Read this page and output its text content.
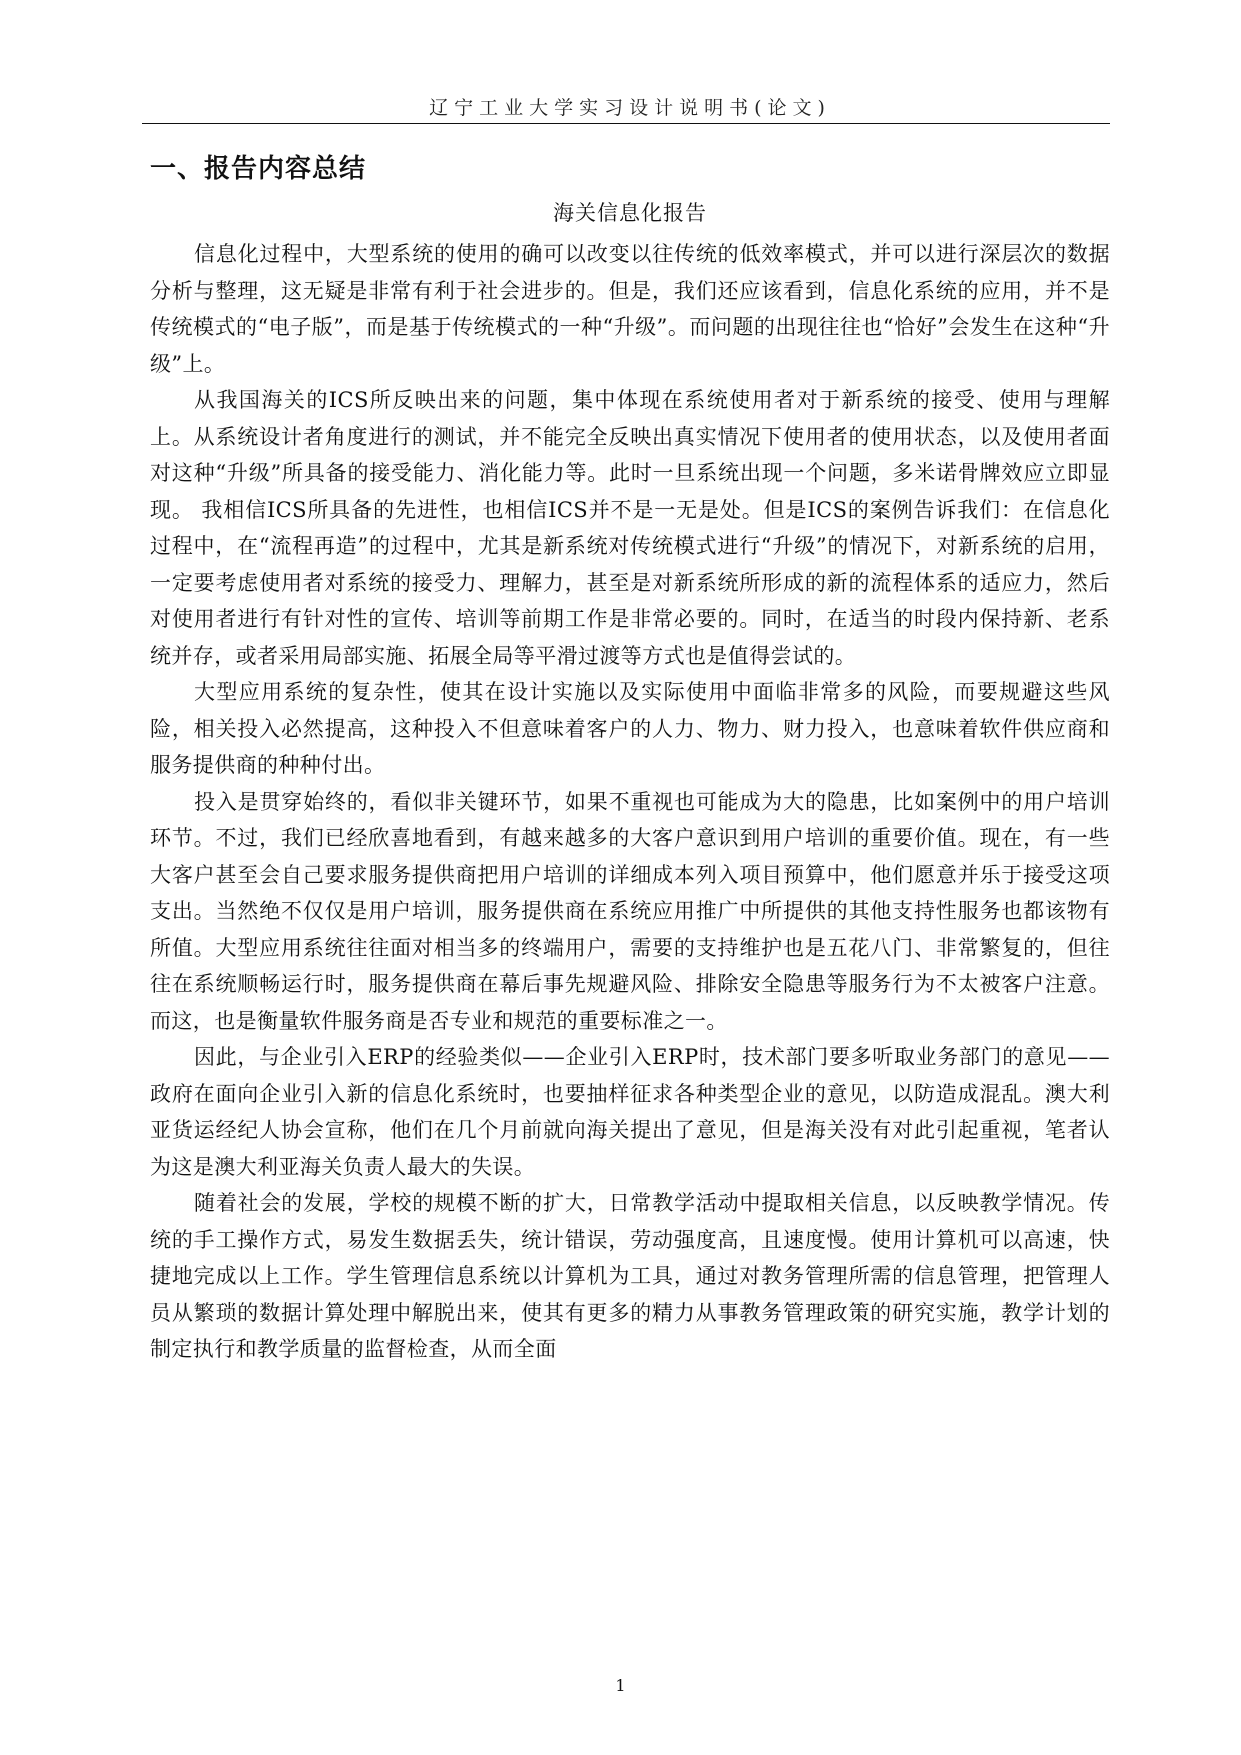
辽宁工业大学实习设计说明书(论文)
一、报告内容总结
海关信息化报告

信息化过程中，大型系统的使用的确可以改变以往传统的低效率模式，并可以进行深层次的数据分析与整理，这无疑是非常有利于社会进步的。但是，我们还应该看到，信息化系统的应用，并不是传统模式的“电子版”，而是基于传统模式的一种“升级”。而问题的出现往往也“恰好”会发生在这种“升级”上。

从我国海关的ICS所反映出来的问题，集中体现在系统使用者对于新系统的接受、使用与理解上。从系统设计者角度进行的测试，并不能完全反映出真实情况下使用者的使用状态，以及使用者面对这种“升级”所具备的接受能力、消化能力等。此时一旦系统出现一个问题，多米诺骨牌效应立即显现。 我相信ICS所具备的先进性，也相信ICS并不是一无是处。但是ICS的案例告诉我们：在信息化过程中，在“流程再造”的过程中，尤其是新系统对传统模式进行“升级”的情况下，对新系统的启用，一定要考虑使用者对系统的接受力、理解力，甚至是对新系统所形成的新的流程体系的适应力，然后对使用者进行有针对性的宣传、培训等前期工作是非常必要的。同时，在适当的时段内保持新、老系统并存，或者采用局部实施、拓展全局等平滑过渡等方式也是值得尝试的。

大型应用系统的复杂性，使其在设计实施以及实际使用中面临非常多的风险，而要规避这些风险，相关投入必然提高，这种投入不但意味着客户的人力、物力、财力投入，也意味着软件供应商和服务提供商的种种付出。

投入是贯穿始终的，看似非关键环节，如果不重视也可能成为大的隐患，比如案例中的用户培训环节。不过，我们已经欣喜地看到，有越来越多的大客户意识到用户培训的重要价值。现在，有一些大客户甚至会自己要求服务提供商把用户培训的详细成本列入项目预算中，他们愿意并乐于接受这项支出。当然绝不仅仅是用户培训，服务提供商在系统应用推广中所提供的其他支持性服务也都该物有所值。大型应用系统往往面对相当多的终端用户，需要的支持维护也是五花八门、非常繁复的，但往往在系统顺畅运行时，服务提供商在幕后事先规避风险、排除安全隐患等服务行为不太被客户注意。而这，也是衡量软件服务商是否专业和规范的重要标准之一。

因此，与企业引入ERP的经验类似——企业引入ERP时，技术部门要多听取业务部门的意见——政府在面向企业引入新的信息化系统时，也要抽样征求各种类型企业的意见，以防造成混乱。澳大利亚货运经纪人协会宣称，他们在几个月前就向海关提出了意见，但是海关没有对此引起重视，笔者认为这是澳大利亚海关负责人最大的失误。

随着社会的发展，学校的规模不断的扩大，日常教学活动中提取相关信息，以反映教学情况。传统的手工操作方式，易发生数据丢失，统计错误，劳动强度高，且速度慢。使用计算机可以高速，快捷地完成以上工作。学生管理信息系统以计算机为工具，通过对教务管理所需的信息管理，把管理人员从繁琐的数据计算处理中解脱出来，使其有更多的精力从事教务管理政策的研究实施，教学计划的制定执行和教学质量的监督检查，从而全面

1
